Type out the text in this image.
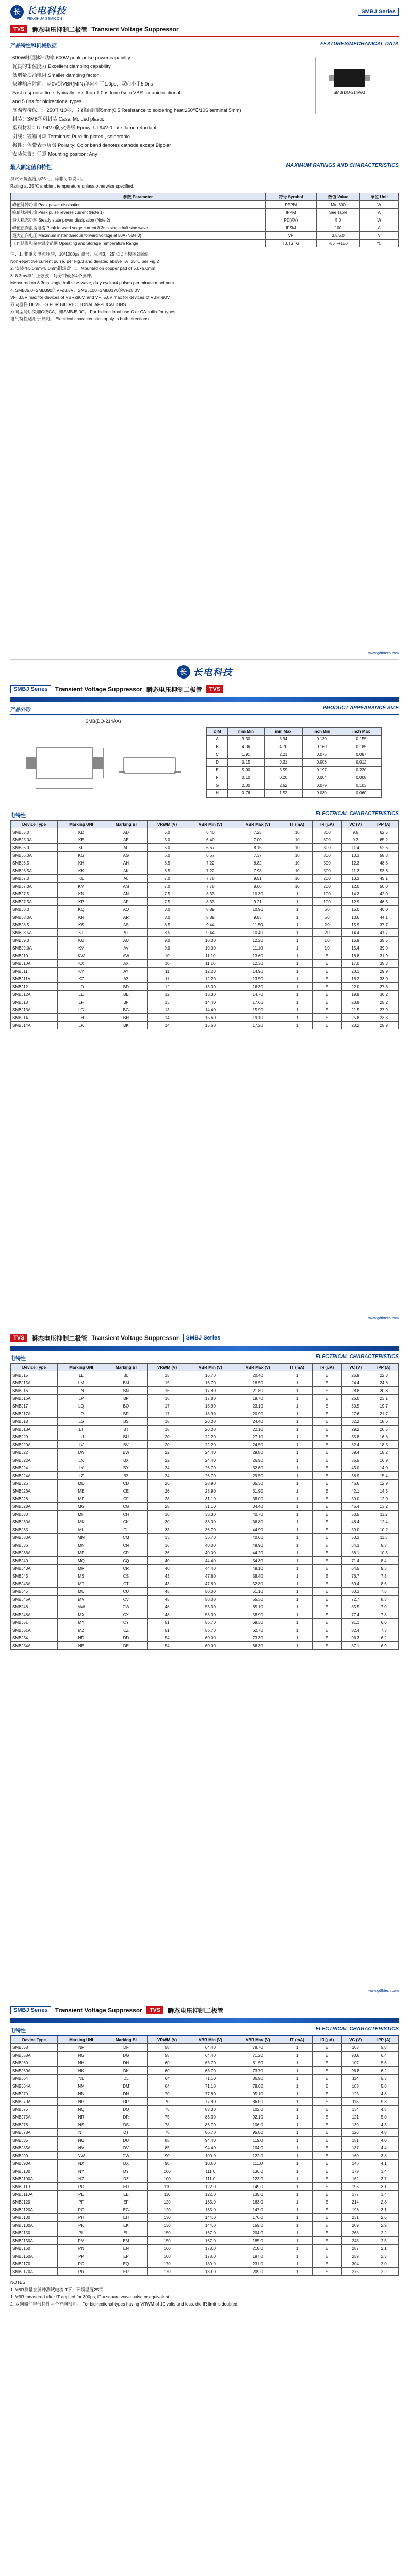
长 长电科技
FENGHUA SEMICON
SMBJ Series
TVS	瞬态电压抑制二极管 Transient Voltage Suppressor
产品特性和机械数据	FEATURES/MECHANICAL DATA
600W峰值脉冲功率 600W peak pulse power capability
优良的钳位能力 Excellent clamping capability
低增量浪涌电阻 Smaller damping factor
快速响应时间：从0V到VBR(MIN)单向小于1.0ps，双向小于5.0ns
Fast response time: typically less than 1.0ps from 0v to VBR for unidirectional
and 5.0ns for bidirectional types
高温焊接保证：250℃/10秒，引线距封装5mm(0.5 Resistance to soldering heat:250℃/10S,terminal 5mm)
封装：SMB塑料封装 Case: Molded plastic
塑料材料：UL94V-0防火等级 Epoxy: UL94V-0 rate flame retardant
引线：镀锡可焊 Terminals: Pure tin plated , solderable
极性：色带表示负极 Polarity: Color band denotes cathode except Bipolar
安装位置：任意 Mounting position: Any
SMB(DO-214AA)
最大额定值和特性	MAXIMUM RATINGS AND CHARACTERISTICS
测试环境温度为25℃，除非另有说明。
Rating at 25℃ ambient temperature unless otherwise specified.
参数 Parameter	符号 Symbol	数值 Value	单位 Unit
峰值脉冲功率 Peak power dissipation	PPPM	Min 600	W
峰值脉冲电流 Peak pulse reverse current (Note 1)	IPPM	See Table	A
最大稳态功耗 Steady state power dissipation (Note 2)	PD(AV)	5.0	W
峰值正向浪涌电流 Peak forward surge current 8.3ms single half sine wave	IFSM	100	A
最大正向电压 Maximum instantaneous forward voltage at 50A (Note 3)	VF	3.5/5.0	V
工作结温和储存温度范围 Operating and Storage Temperature Range	TJ,TSTG	-55 ~+150	℃
注：1. 非重复电流脉冲，10/1000μs 波形，见图3，25℃以上按图2降额。
Non-repetitive current pulse, per Fig.3 and derated above TA=25℃ per Fig.2
2. 安装在5.0mm×5.0mm铜焊盘上。 Mounted on copper pad of 5.0×5.0mm
3. 8.3ms单半正弦波，每分钟最多4个脉冲。
Measured on 8.3ms single half sine-wave, duty cycle=4 pulses per minute maximum
4. SMBJ5.0~SMBJ90的VF≤3.5V，SMBJ100~SMBJ170的VF≤5.0V
VF=3.5V max for devices of VBR≤90V, and VF=5.0V max for devices of VBR>90V
双向器件 DEVICES FOR BIDIRECTIONAL APPLICATIONS
双向型号后缀加C或CA，如SMBJ5.0C。 For bidirectional use C or CA suffix for types
电气特性适用于双向。 Electrical characteristics apply in both directions.
www.gdfhtech.com
长 长电科技
SMBJ Series	Transient Voltage Suppressor 瞬态电压抑制二极管	TVS
产品外形	PRODUCT APPEARANCE SIZE
SMB(DO-214AA)
DIM	mm Min	mm Max	inch Min	inch Max
A	3.30	3.94	0.130	0.155
B	4.06	4.70	0.160	0.185
C	1.91	2.21	0.075	0.087
D	0.15	0.31	0.006	0.012
E	5.00	5.59	0.197	0.220
F	0.10	0.20	0.004	0.008
G	2.00	2.62	0.079	0.103
H	0.76	1.52	0.030	0.060
电特性	ELECTRICAL CHARACTERISTICS
Device Type	Marking UNI	Marking BI	VRWM (V)	VBR Min (V)	VBR Max (V)	IT (mA)	IR (μA)	VC (V)	IPP (A)
SMBJ5.0	KD	AD	5.0	6.40	7.25	10	800	9.6	62.5
SMBJ5.0A	KE	AE	5.0	6.40	7.00	10	800	9.2	65.2
SMBJ6.0	KF	AF	6.0	6.67	8.15	10	800	11.4	52.6
SMBJ6.0A	KG	AG	6.0	6.67	7.37	10	800	10.3	58.3
SMBJ6.5	KH	AH	6.5	7.22	8.82	10	500	12.3	48.8
SMBJ6.5A	KK	AK	6.5	7.22	7.98	10	500	11.2	53.6
SMBJ7.0	KL	AL	7.0	7.78	9.51	10	200	13.3	45.1
SMBJ7.0A	KM	AM	7.0	7.78	8.60	10	200	12.0	50.0
SMBJ7.5	KN	AN	7.5	8.33	10.30	1	100	14.3	42.0
SMBJ7.5A	KP	AP	7.5	8.33	9.21	1	100	12.9	46.5
SMBJ8.0	KQ	AQ	8.0	8.89	10.90	1	50	15.0	40.0
SMBJ8.0A	KR	AR	8.0	8.89	9.83	1	50	13.6	44.1
SMBJ8.5	KS	AS	8.5	9.44	11.50	1	20	15.9	37.7
SMBJ8.5A	KT	AT	8.5	9.44	10.40	1	20	14.4	41.7
SMBJ9.0	KU	AU	9.0	10.00	12.20	1	10	16.9	35.5
SMBJ9.0A	KV	AV	9.0	10.00	11.10	1	10	15.4	39.0
SMBJ10	KW	AW	10	11.10	13.60	1	5	18.8	31.9
SMBJ10A	KX	AX	10	11.10	12.30	1	5	17.0	35.3
SMBJ11	KY	AY	11	12.20	14.90	1	5	20.1	29.9
SMBJ11A	KZ	AZ	11	12.20	13.50	1	5	18.2	33.0
SMBJ12	LD	BD	12	13.30	16.30	1	5	22.0	27.3
SMBJ12A	LE	BE	12	13.30	14.70	1	5	19.9	30.2
SMBJ13	LF	BF	13	14.40	17.60	1	5	23.8	25.2
SMBJ13A	LG	BG	13	14.40	15.90	1	5	21.5	27.9
SMBJ14	LH	BH	14	15.60	19.10	1	5	25.8	23.3
SMBJ14A	LK	BK	14	15.60	17.20	1	5	23.2	25.9
www.gdfhtech.com
TVS	瞬态电压抑制二极管 Transient Voltage Suppressor	SMBJ Series
电特性	ELECTRICAL CHARACTERISTICS
Device Type	Marking UNI	Marking BI	VRWM (V)	VBR Min (V)	VBR Max (V)	IT (mA)	IR (μA)	VC (V)	IPP (A)
SMBJ15	LL	BL	15	16.70	20.40	1	5	26.9	22.3
SMBJ15A	LM	BM	15	16.70	18.50	1	5	24.4	24.6
SMBJ16	LN	BN	16	17.80	21.80	1	5	28.8	20.8
SMBJ16A	LP	BP	16	17.80	19.70	1	5	26.0	23.1
SMBJ17	LQ	BQ	17	18.90	23.10	1	5	30.5	19.7
SMBJ17A	LR	BR	17	18.90	20.90	1	5	27.6	21.7
SMBJ18	LS	BS	18	20.00	24.40	1	5	32.2	18.6
SMBJ18A	LT	BT	18	20.00	22.10	1	5	29.2	20.5
SMBJ20	LU	BU	20	22.20	27.10	1	5	35.8	16.8
SMBJ20A	LV	BV	20	22.20	24.50	1	5	32.4	18.5
SMBJ22	LW	BW	22	24.40	29.80	1	5	39.4	15.2
SMBJ22A	LX	BX	22	24.40	26.90	1	5	35.5	16.9
SMBJ24	LY	BY	24	26.70	32.60	1	5	43.0	14.0
SMBJ24A	LZ	BZ	24	26.70	29.50	1	5	38.9	15.4
SMBJ26	MD	CD	26	28.90	35.30	1	5	46.6	12.9
SMBJ26A	ME	CE	26	28.90	31.90	1	5	42.1	14.3
SMBJ28	MF	CF	28	31.10	38.00	1	5	50.0	12.0
SMBJ28A	MG	CG	28	31.10	34.40	1	5	45.4	13.2
SMBJ30	MH	CH	30	33.30	40.70	1	5	53.5	11.2
SMBJ30A	MK	CK	30	33.30	36.80	1	5	48.4	12.4
SMBJ33	ML	CL	33	36.70	44.90	1	5	59.0	10.2
SMBJ33A	MM	CM	33	36.70	40.60	1	5	53.3	11.3
SMBJ36	MN	CN	36	40.00	48.90	1	5	64.3	9.3
SMBJ36A	MP	CP	36	40.00	44.20	1	5	58.1	10.3
SMBJ40	MQ	CQ	40	44.40	54.30	1	5	71.4	8.4
SMBJ40A	MR	CR	40	44.40	49.10	1	5	64.5	9.3
SMBJ43	MS	CS	43	47.80	58.40	1	5	76.7	7.8
SMBJ43A	MT	CT	43	47.80	52.80	1	5	69.4	8.6
SMBJ45	MU	CU	45	50.00	61.10	1	5	80.3	7.5
SMBJ45A	MV	CV	45	50.00	55.30	1	5	72.7	8.3
SMBJ48	MW	CW	48	53.30	65.10	1	5	85.5	7.0
SMBJ48A	MX	CX	48	53.30	58.90	1	5	77.4	7.8
SMBJ51	MY	CY	51	56.70	69.30	1	5	91.1	6.6
SMBJ51A	MZ	CZ	51	56.70	62.70	1	5	82.4	7.3
SMBJ54	ND	DD	54	60.00	73.30	1	5	96.3	6.2
SMBJ54A	NE	DE	54	60.00	66.30	1	5	87.1	6.9
www.gdfhtech.com
SMBJ Series	Transient Voltage Suppressor	TVS	瞬态电压抑制二极管
电特性	ELECTRICAL CHARACTERISTICS
Device Type	Marking UNI	Marking BI	VRWM (V)	VBR Min (V)	VBR Max (V)	IT (mA)	IR (μA)	VC (V)	IPP (A)
SMBJ58	NF	DF	58	64.40	78.70	1	5	103	5.8
SMBJ58A	NG	DG	58	64.40	71.20	1	5	93.6	6.4
SMBJ60	NH	DH	60	66.70	81.50	1	5	107	5.6
SMBJ60A	NK	DK	60	66.70	73.70	1	5	96.8	6.2
SMBJ64	NL	DL	64	71.10	86.90	1	5	114	5.3
SMBJ64A	NM	DM	64	71.10	78.60	1	5	103	5.8
SMBJ70	NN	DN	70	77.80	95.10	1	5	125	4.8
SMBJ70A	NP	DP	70	77.80	86.00	1	5	113	5.3
SMBJ75	NQ	DQ	75	83.30	102.0	1	5	134	4.5
SMBJ75A	NR	DR	75	83.30	92.10	1	5	121	5.0
SMBJ78	NS	DS	78	86.70	106.0	1	5	139	4.3
SMBJ78A	NT	DT	78	86.70	95.80	1	5	126	4.8
SMBJ85	NU	DU	85	94.40	115.0	1	5	151	4.0
SMBJ85A	NV	DV	85	94.40	104.0	1	5	137	4.4
SMBJ90	NW	DW	90	100.0	122.0	1	5	160	3.8
SMBJ90A	NX	DX	90	100.0	111.0	1	5	146	4.1
SMBJ100	NY	DY	100	111.0	136.0	1	5	179	3.4
SMBJ100A	NZ	DZ	100	111.0	123.0	1	5	162	3.7
SMBJ110	PD	ED	110	122.0	149.0	1	5	196	3.1
SMBJ110A	PE	EE	110	122.0	135.0	1	5	177	3.4
SMBJ120	PF	EF	120	133.0	163.0	1	5	214	2.8
SMBJ120A	PG	EG	120	133.0	147.0	1	5	193	3.1
SMBJ130	PH	EH	130	144.0	176.0	1	5	231	2.6
SMBJ130A	PK	EK	130	144.0	159.0	1	5	209	2.9
SMBJ150	PL	EL	150	167.0	204.0	1	5	268	2.2
SMBJ150A	PM	EM	150	167.0	185.0	1	5	243	2.5
SMBJ160	PN	EN	160	178.0	218.0	1	5	287	2.1
SMBJ160A	PP	EP	160	178.0	197.0	1	5	259	2.3
SMBJ170	PQ	EQ	170	189.0	231.0	1	5	304	2.0
SMBJ170A	PR	ER	170	189.0	209.0	1	5	275	2.2
NOTES:
1. VBR测量在脉冲测试电流IT下，环境温度25℃
1. VBR measured after IT applied for 300μs, IT = square wave pulse or equivalent.
2. 双向器件电气特性两个方向相同。 For bidirectional types having VRWM of 10 volts and less, the IR limit is doubled.
